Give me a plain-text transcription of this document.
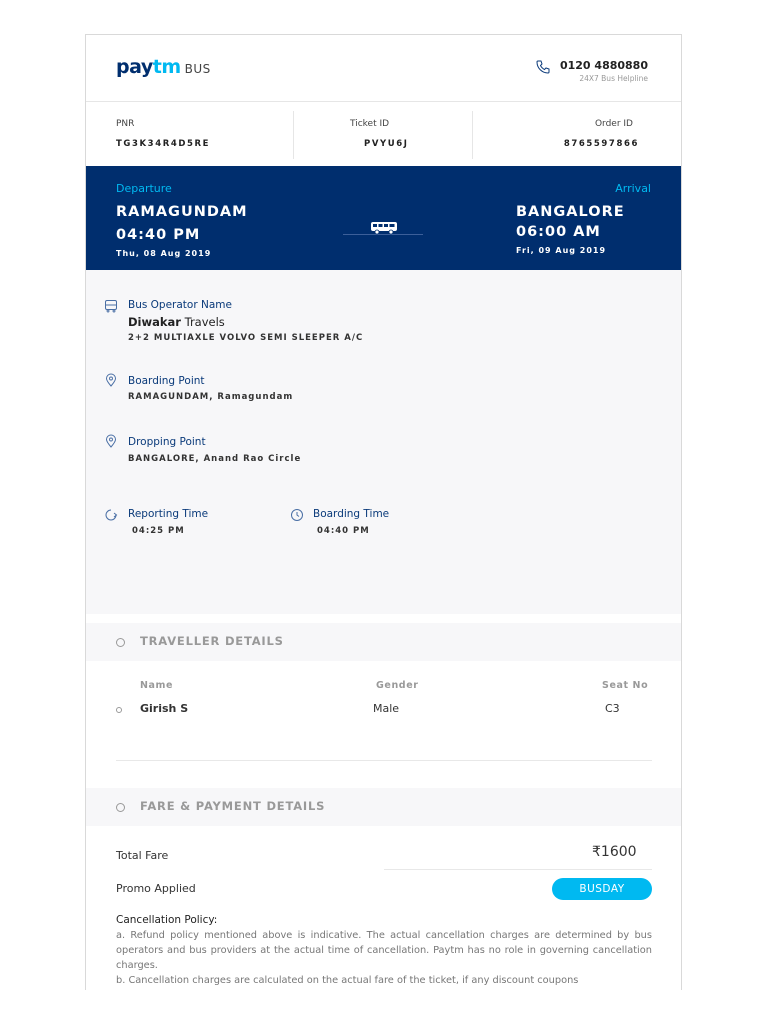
paytm BUS	0120 4880880
24X7 Bus Helpline
PNR
TG3K34R4D5RE
Ticket ID
PVYU6J
Order ID
8765597866
Departure
RAMAGUNDAM
04:40 PM
Thu, 08 Aug 2019
Arrival
BANGALORE
06:00 AM
Fri, 09 Aug 2019
Bus Operator Name
Diwakar Travels
2+2 MULTIAXLE VOLVO SEMI SLEEPER A/C
Boarding Point
RAMAGUNDAM, Ramagundam
Dropping Point
BANGALORE, Anand Rao Circle
Reporting Time
04:25 PM
Boarding Time
04:40 PM
TRAVELLER DETAILS
Name	Gender	Seat No
Girish S	Male	C3
FARE & PAYMENT DETAILS
Total Fare	₹1600
Promo Applied	BUSDAY
Cancellation Policy:
a. Refund policy mentioned above is indicative. The actual cancellation charges are determined by bus operators and bus providers at the actual time of cancellation. Paytm has no role in governing cancellation charges.
b. Cancellation charges are calculated on the actual fare of the ticket, if any discount coupons
